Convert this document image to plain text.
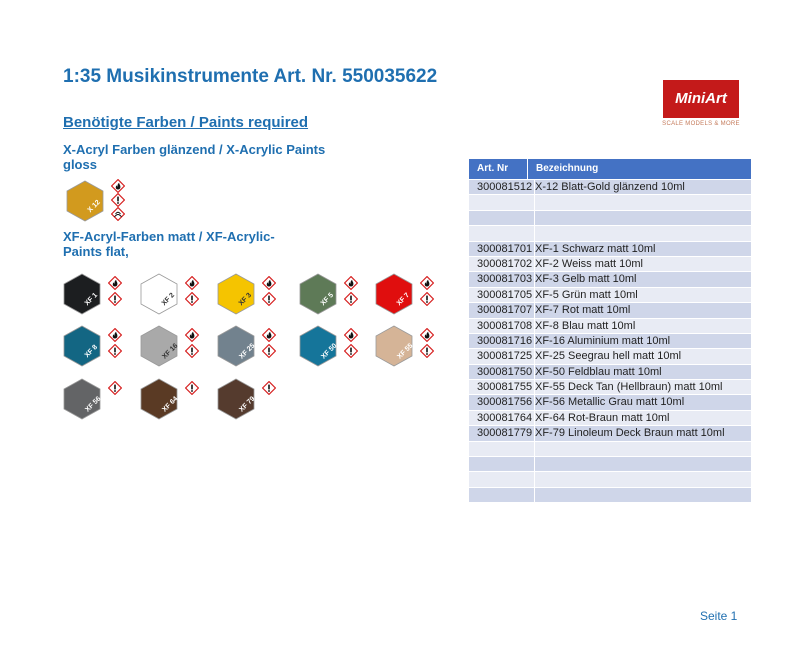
1:35 Musikinstrumente Art. Nr. 550035622
MiniArt
SCALE MODELS & MORE
Benötigte Farben / Paints required
X-Acryl Farben glänzend / X-Acrylic Paints gloss
XF-Acryl-Farben matt / XF-Acrylic-Paints flat,
X 12
XF 1	XF 2	XF 3	XF 5	XF 7
XF 8	XF 16	XF 25	XF 50	XF 55
XF 56	XF 64	XF 79
Art. Nr	Bezeichnung
300081512 X-12 Blatt-Gold glänzend 10ml
300081701 XF-1 Schwarz matt 10ml
300081702 XF-2 Weiss matt 10ml
300081703 XF-3 Gelb matt 10ml
300081705 XF-5 Grün matt 10ml
300081707 XF-7 Rot matt 10ml
300081708 XF-8 Blau matt 10ml
300081716 XF-16 Aluminium matt 10ml
300081725 XF-25 Seegrau hell matt 10ml
300081750 XF-50 Feldblau matt 10ml
300081755 XF-55 Deck Tan (Hellbraun) matt 10ml
300081756 XF-56 Metallic Grau matt 10ml
300081764 XF-64 Rot-Braun matt 10ml
300081779 XF-79 Linoleum Deck Braun matt 10ml
Seite 1
